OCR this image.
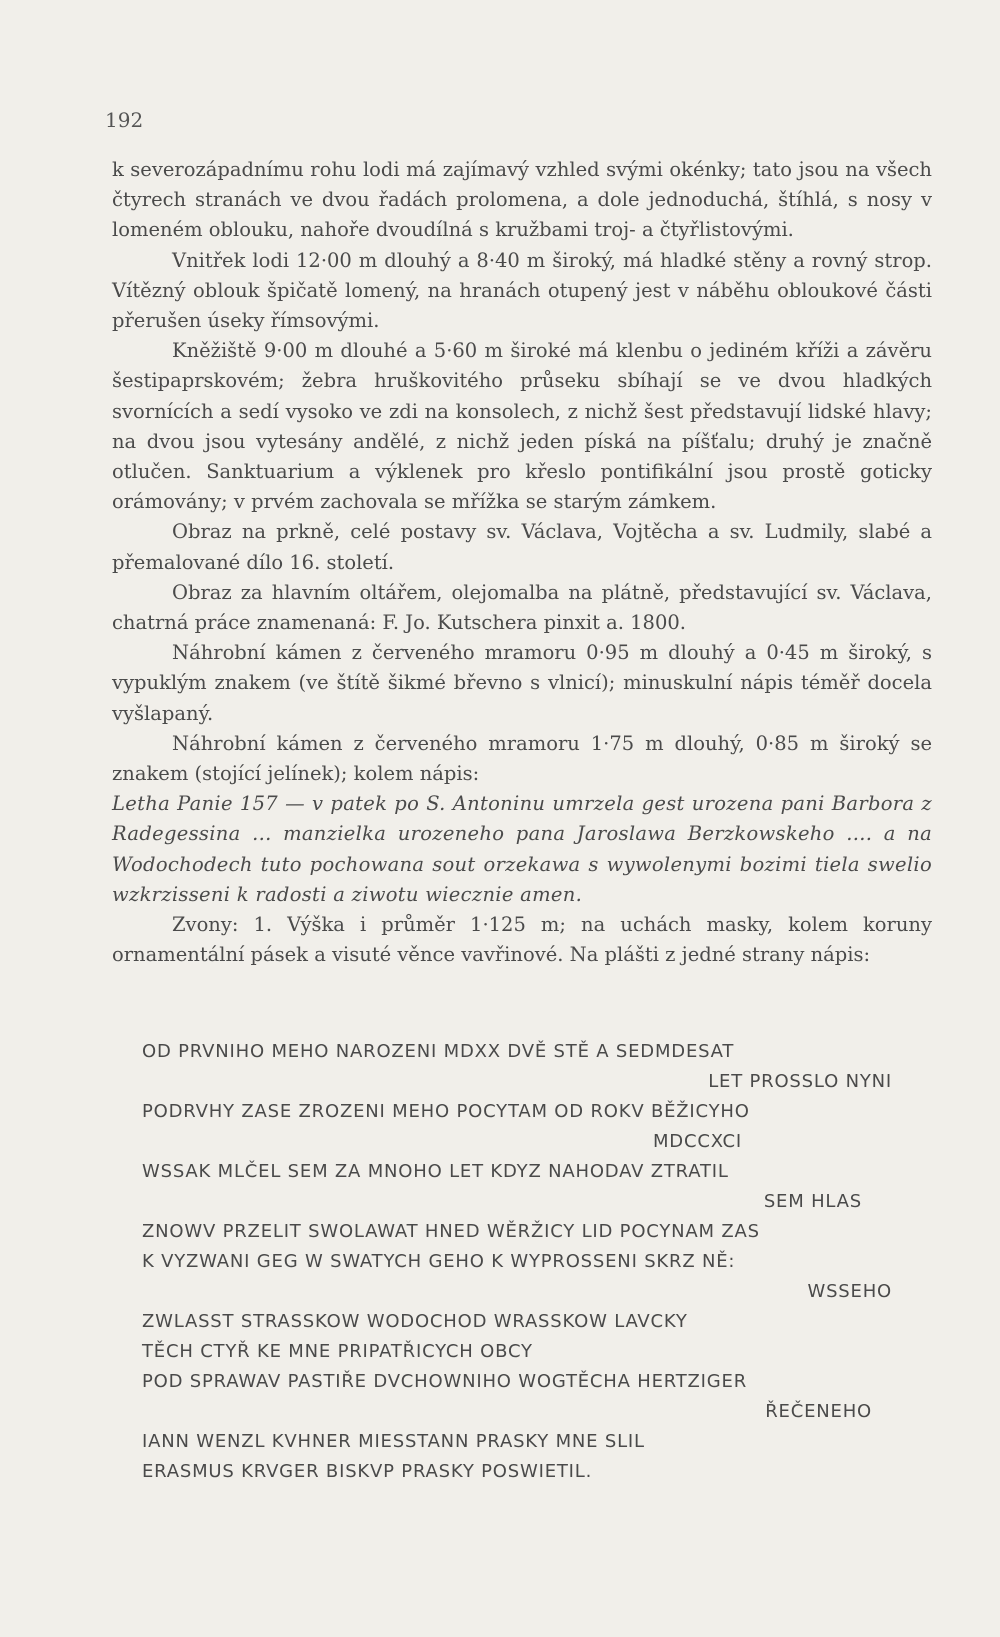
192

k severozápadnímu rohu lodi má zajímavý vzhled svými okénky; tato jsou na všech čtyrech stranách ve dvou řadách prolomena, a dole jednoduchá, štíhlá, s nosy v lomeném oblouku, nahoře dvoudílná s kružbami troj- a čtyřlistovými.

Vnitřek lodi 12·00 m dlouhý a 8·40 m široký, má hladké stěny a rovný strop. Vítězný oblouk špičatě lomený, na hranách otupený jest v náběhu obloukové části přerušen úseky římsovými.

Kněžiště 9·00 m dlouhé a 5·60 m široké má klenbu o jediném kříži a závěru šestipaprskovém; žebra hruškovitého průseku sbíhají se ve dvou hladkých svornících a sedí vysoko ve zdi na konsolech, z nichž šest představují lidské hlavy; na dvou jsou vytesány andělé, z nichž jeden píská na píšťalu; druhý je značně otlučen. Sanktuarium a výklenek pro křeslo pontifikální jsou prostě goticky orámovány; v prvém zachovala se mřížka se starým zámkem.

Obraz na prkně, celé postavy sv. Václava, Vojtěcha a sv. Ludmily, slabé a přemalované dílo 16. století.

Obraz za hlavním oltářem, olejomalba na plátně, představující sv. Václava, chatrná práce znamenaná: F. Jo. Kutschera pinxit a. 1800.

Náhrobní kámen z červeného mramoru 0·95 m dlouhý a 0·45 m široký, s vypuklým znakem (ve štítě šikmé břevno s vlnicí); minuskulní nápis téměř docela vyšlapaný.

Náhrobní kámen z červeného mramoru 1·75 m dlouhý, 0·85 m široký se znakem (stojící jelínek); kolem nápis:

Letha Panie 157 — v patek po S. Antoninu umrzela gest urozena pani Barbora z Radegessina ... manzielka urozeneho pana Jaroslawa Berzkowskeho .... a na Wodochodech tuto pochowana sout orzekawa s wywolenymi bozimi tiela swelio wzkrzisseni k radosti a ziwotu wiecznie amen.

Zvony: 1. Výška i průměr 1·125 m; na uchách masky, kolem koruny ornamentální pásek a visuté věnce vavřinové. Na plášti z jedné strany nápis:

OD PRVNIHO MEHO NAROZENI MDXX DVĚ STĚ A SEDMDESAT
LET PROSSLO NYNI
PODRVHY ZASE ZROZENI MEHO POCYTAM OD ROKV BĚŽICYHO
MDCCXCI
WSSAK MLČEL SEM ZA MNOHO LET KDYZ NAHODAV ZTRATIL
SEM HLAS
ZNOWV PRZELIT SWOLAWAT HNED WĚRŽICY LID POCYNAM ZAS
K VYZWANI GEG W SWATYCH GEHO K WYPROSSENI SKRZ NĚ:
WSSEHO
ZWLASST STRASSKOW WODOCHOD WRASSKOW LAVCKY
TĚCH CTYŘ KE MNE PRIPATŘICYCH OBCY
POD SPRAWAV PASTIŘE DVCHOWNIHO WOGTĚCHA HERTZIGER
ŘEČENEHO
IANN WENZL KVHNER MIESSTANN PRASKY MNE SLIL
ERASMUS KRVGER BISKVP PRASKY POSWIETIL.
